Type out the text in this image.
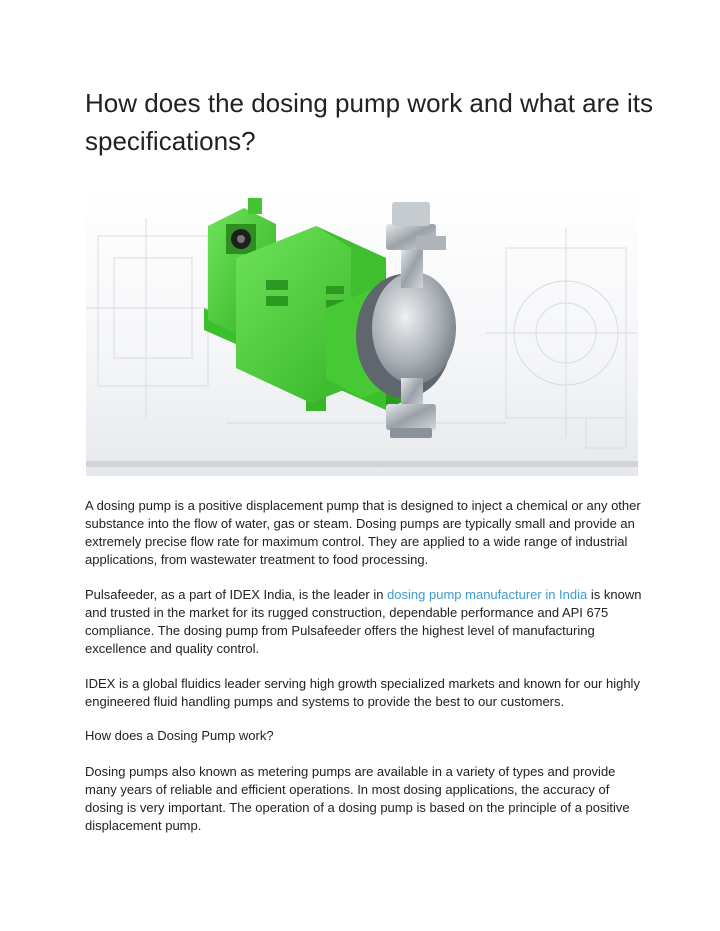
How does the dosing pump work and what are its specifications?

A dosing pump is a positive displacement pump that is designed to inject a chemical or any other substance into the flow of water, gas or steam. Dosing pumps are typically small and provide an extremely precise flow rate for maximum control. They are applied to a wide range of industrial applications, from wastewater treatment to food processing.

Pulsafeeder, as a part of IDEX India, is the leader in dosing pump manufacturer in India is known and trusted in the market for its rugged construction, dependable performance and API 675 compliance. The dosing pump from Pulsafeeder offers the highest level of manufacturing excellence and quality control.

IDEX is a global fluidics leader serving high growth specialized markets and known for our highly engineered fluid handling pumps and systems to provide the best to our customers.

How does a Dosing Pump work?

Dosing pumps also known as metering pumps are available in a variety of types and provide many years of reliable and efficient operations. In most dosing applications, the accuracy of dosing is very important. The operation of a dosing pump is based on the principle of a positive displacement pump.
